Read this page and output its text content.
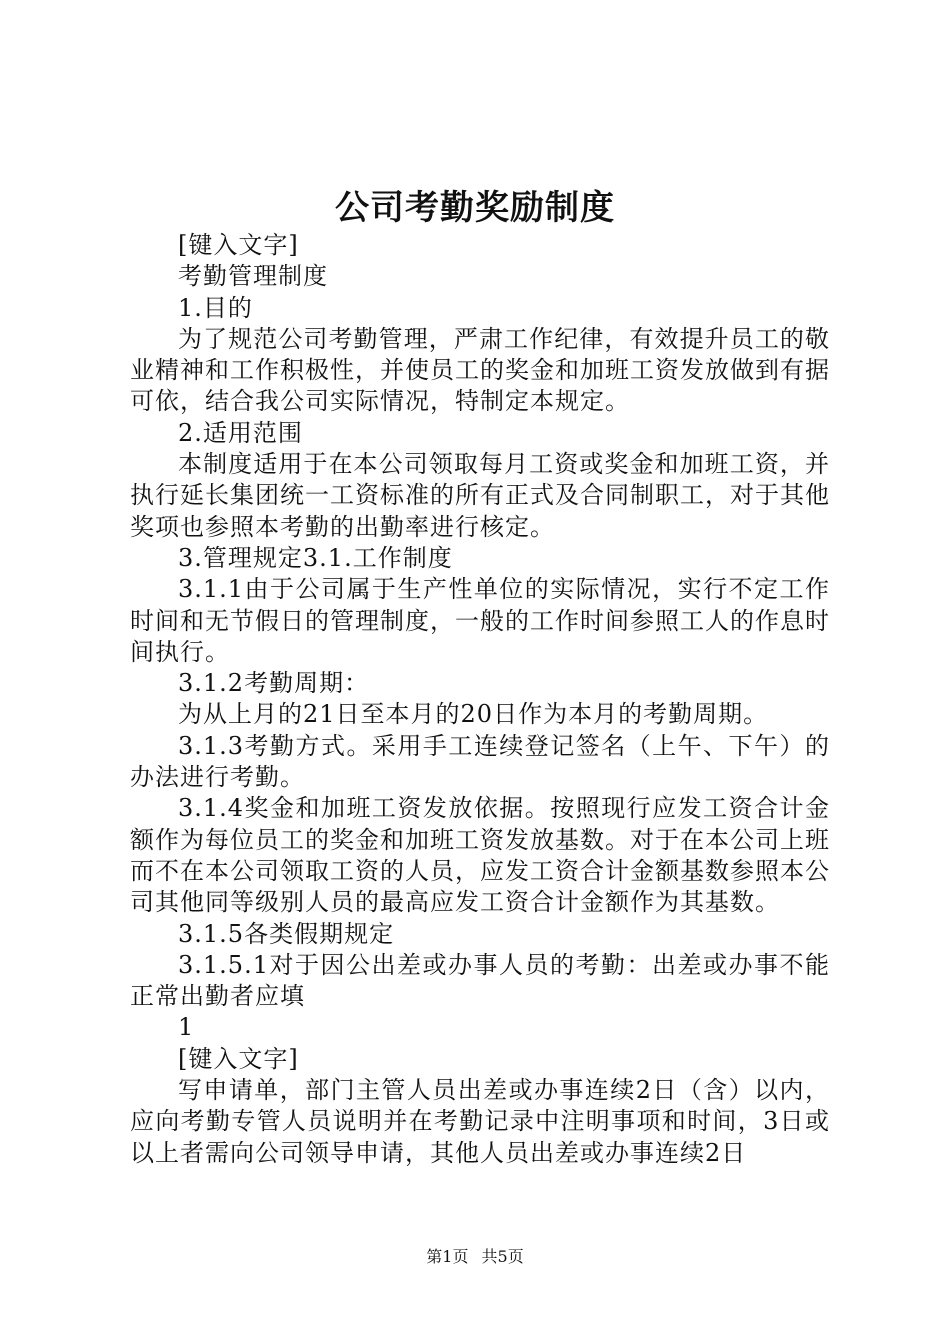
公司考勤奖励制度

[键入文字]

考勤管理制度

1.目的

为了规范公司考勤管理，严肃工作纪律，有效提升员工的敬业精神和工作积极性，并使员工的奖金和加班工资发放做到有据可依，结合我公司实际情况，特制定本规定。

2.适用范围

本制度适用于在本公司领取每月工资或奖金和加班工资，并执行延长集团统一工资标准的所有正式及合同制职工，对于其他奖项也参照本考勤的出勤率进行核定。

3.管理规定3.1.工作制度

3.1.1由于公司属于生产性单位的实际情况，实行不定工作时间和无节假日的管理制度，一般的工作时间参照工人的作息时间执行。

3.1.2考勤周期：

为从上月的21日至本月的20日作为本月的考勤周期。

3.1.3考勤方式。采用手工连续登记签名（上午、下午）的办法进行考勤。

3.1.4奖金和加班工资发放依据。按照现行应发工资合计金额作为每位员工的奖金和加班工资发放基数。对于在本公司上班而不在本公司领取工资的人员，应发工资合计金额基数参照本公司其他同等级别人员的最高应发工资合计金额作为其基数。

3.1.5各类假期规定

3.1.5.1对于因公出差或办事人员的考勤：出差或办事不能正常出勤者应填

1

[键入文字]

写申请单，部门主管人员出差或办事连续2日（含）以内，应向考勤专管人员说明并在考勤记录中注明事项和时间，3日或以上者需向公司领导申请，其他人员出差或办事连续2日

第1页 共5页
